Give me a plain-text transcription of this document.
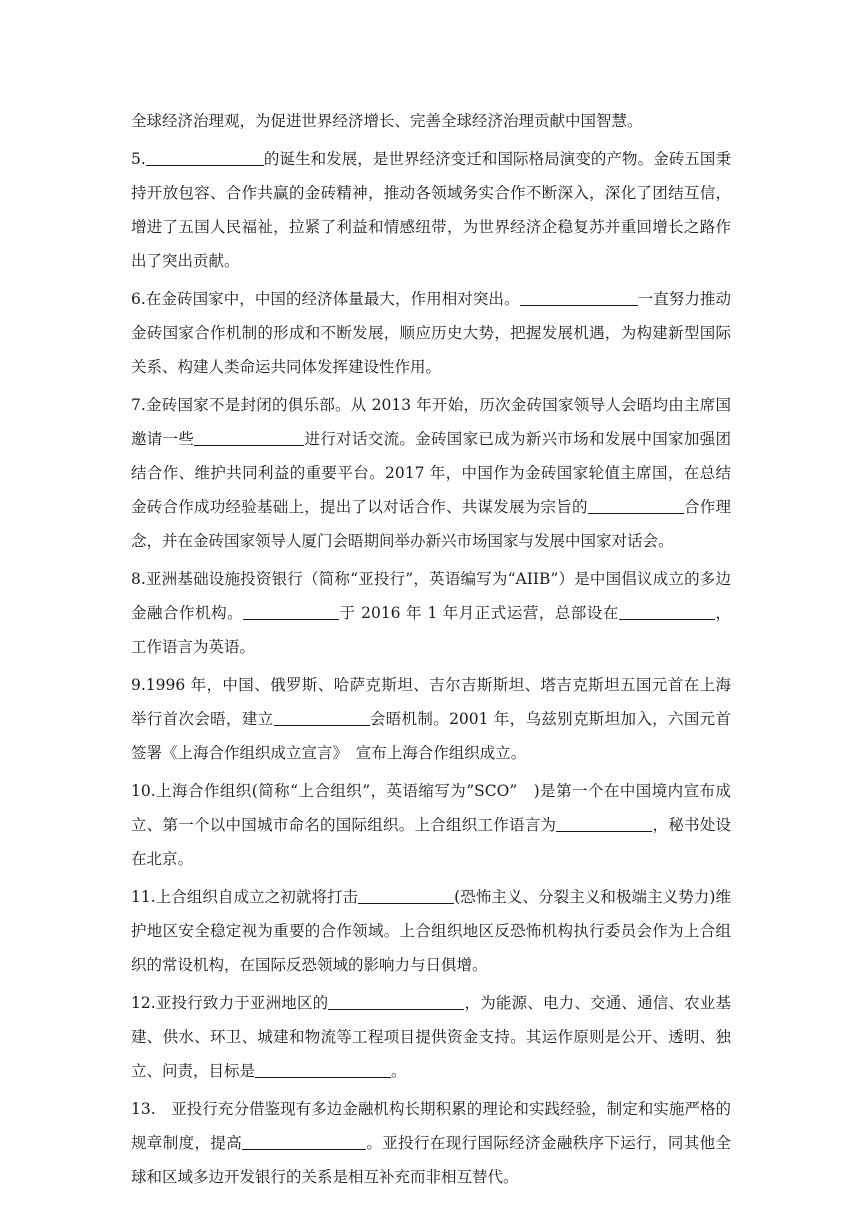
全球经济治理观，为促进世界经济增长、完善全球经济治理贡献中国智慧。

5.	的诞生和发展，是世界经济变迁和国际格局演变的产物。金砖五国秉持开放包容、合作共赢的金砖精神，推动各领域务实合作不断深入，深化了团结互信，增进了五国人民福祉，拉紧了利益和情感纽带，为世界经济企稳复苏并重回增长之路作出了突出贡献。

6.在金砖国家中，中国的经济体量最大，作用相对突出。	一直努力推动金砖国家合作机制的形成和不断发展，顺应历史大势，把握发展机遇，为构建新型国际关系、构建人类命运共同体发挥建设性作用。

7.金砖国家不是封闭的俱乐部。从 2013 年开始，历次金砖国家领导人会晤均由主席国邀请一些	进行对话交流。金砖国家已成为新兴市场和发展中国家加强团结合作、维护共同利益的重要平台。2017 年，中国作为金砖国家轮值主席国，在总结金砖合作成功经验基础上，提出了以对话合作、共谋发展为宗旨的	合作理念，并在金砖国家领导人厦门会晤期间举办新兴市场国家与发展中国家对话会。

8.亚洲基础设施投资银行（简称“亚投行”，英语编写为“AIIB”）是中国倡议成立的多边金融合作机构。	于 2016 年 1 年月正式运营，总部设在	，工作语言为英语。

9.1996 年，中国、俄罗斯、哈萨克斯坦、吉尔吉斯斯坦、塔吉克斯坦五国元首在上海举行首次会晤，建立	会晤机制。2001 年，乌兹别克斯坦加入，六国元首签署《上海合作组织成立宣言》　宣布上海合作组织成立。

10.上海合作组织(简称“上合组织”，英语缩写为”SCO”　)是第一个在中国境内宣布成立、第一个以中国城市命名的国际组织。上合组织工作语言为	，秘书处设在北京。

11.上合组织自成立之初就将打击	(恐怖主义、分裂主义和极端主义势力)维护地区安全稳定视为重要的合作领域。上合组织地区反恐怖机构执行委员会作为上合组织的常设机构，在国际反恐领域的影响力与日俱增。

12.亚投行致力于亚洲地区的	，为能源、电力、交通、通信、农业基建、供水、环卫、城建和物流等工程项目提供资金支持。其运作原则是公开、透明、独立、问责，目标是	。

13.　亚投行充分借鉴现有多边金融机构长期积累的理论和实践经验，制定和实施严格的规章制度，提高	。亚投行在现行国际经济金融秩序下运行，同其他全球和区域多边开发银行的关系是相互补充而非相互替代。
